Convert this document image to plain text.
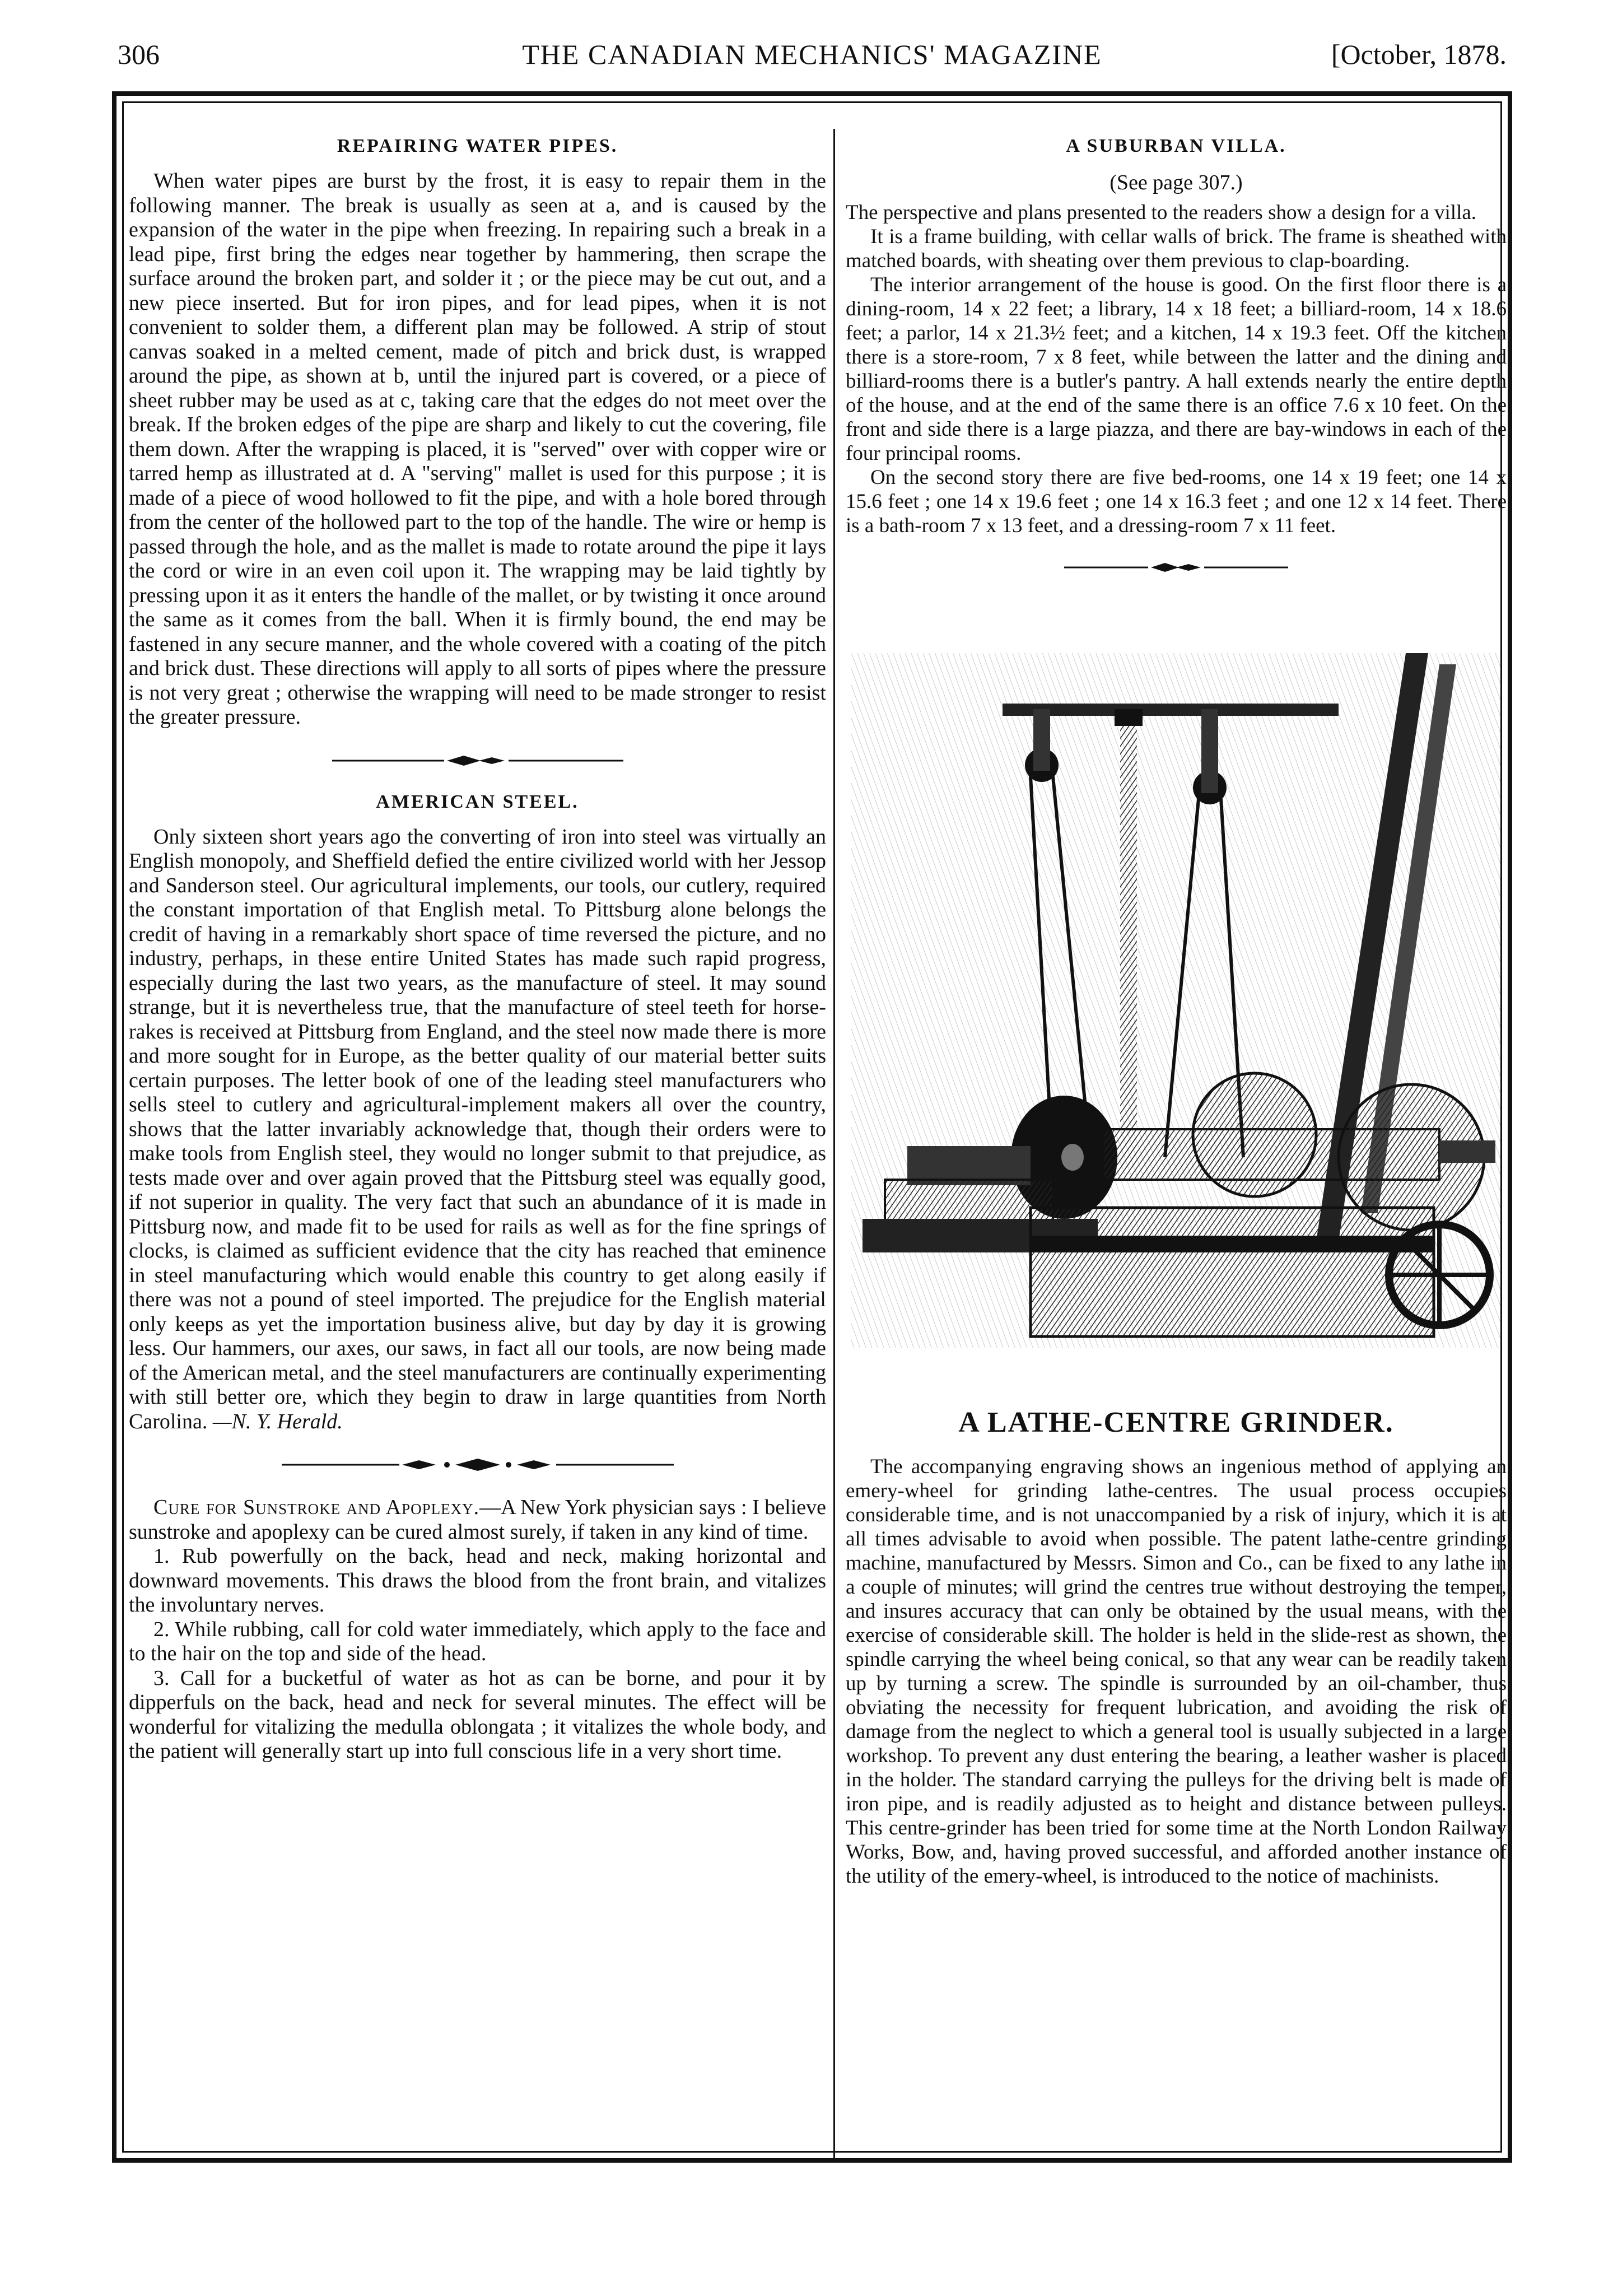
306	THE CANADIAN MECHANICS' MAGAZINE	[October, 1878.
REPAIRING WATER PIPES.

When water pipes are burst by the frost, it is easy to repair them in the following manner. The break is usually as seen at a, and is caused by the expansion of the water in the pipe when freezing. In repairing such a break in a lead pipe, first bring the edges near together by hammering, then scrape the surface around the broken part, and solder it ; or the piece may be cut out, and a new piece inserted. But for iron pipes, and for lead pipes, when it is not convenient to solder them, a different plan may be followed. A strip of stout canvas soaked in a melted cement, made of pitch and brick dust, is wrapped around the pipe, as shown at b, until the injured part is covered, or a piece of sheet rubber may be used as at c, taking care that the edges do not meet over the break. If the broken edges of the pipe are sharp and likely to cut the covering, file them down. After the wrapping is placed, it is "served" over with copper wire or tarred hemp as illustrated at d. A "serving" mallet is used for this purpose ; it is made of a piece of wood hollowed to fit the pipe, and with a hole bored through from the center of the hollowed part to the top of the handle. The wire or hemp is passed through the hole, and as the mallet is made to rotate around the pipe it lays the cord or wire in an even coil upon it. The wrapping may be laid tightly by pressing upon it as it enters the handle of the mallet, or by twisting it once around the same as it comes from the ball. When it is firmly bound, the end may be fastened in any secure manner, and the whole covered with a coating of the pitch and brick dust. These directions will apply to all sorts of pipes where the pressure is not very great ; otherwise the wrapping will need to be made stronger to resist the greater pressure.

AMERICAN STEEL.

Only sixteen short years ago the converting of iron into steel was virtually an English monopoly, and Sheffield defied the entire civilized world with her Jessop and Sanderson steel. Our agricultural implements, our tools, our cutlery, required the constant importation of that English metal. To Pittsburg alone belongs the credit of having in a remarkably short space of time reversed the picture, and no industry, perhaps, in these entire United States has made such rapid progress, especially during the last two years, as the manufacture of steel. It may sound strange, but it is nevertheless true, that the manufacture of steel teeth for horse-rakes is received at Pittsburg from England, and the steel now made there is more and more sought for in Europe, as the better quality of our material better suits certain purposes. The letter book of one of the leading steel manufacturers who sells steel to cutlery and agricultural-implement makers all over the country, shows that the latter invariably acknowledge that, though their orders were to make tools from English steel, they would no longer submit to that prejudice, as tests made over and over again proved that the Pittsburg steel was equally good, if not superior in quality. The very fact that such an abundance of it is made in Pittsburg now, and made fit to be used for rails as well as for the fine springs of clocks, is claimed as sufficient evidence that the city has reached that eminence in steel manufacturing which would enable this country to get along easily if there was not a pound of steel imported. The prejudice for the English material only keeps as yet the importation business alive, but day by day it is growing less. Our hammers, our axes, our saws, in fact all our tools, are now being made of the American metal, and the steel manufacturers are continually experimenting with still better ore, which they begin to draw in large quantities from North Carolina. —N. Y. Herald.

Cure for Sunstroke and Apoplexy.—A New York physician says : I believe sunstroke and apoplexy can be cured almost surely, if taken in any kind of time.

1. Rub powerfully on the back, head and neck, making horizontal and downward movements. This draws the blood from the front brain, and vitalizes the involuntary nerves.

2. While rubbing, call for cold water immediately, which apply to the face and to the hair on the top and side of the head.

3. Call for a bucketful of water as hot as can be borne, and pour it by dipperfuls on the back, head and neck for several minutes. The effect will be wonderful for vitalizing the medulla oblongata ; it vitalizes the whole body, and the patient will generally start up into full conscious life in a very short time.

A SUBURBAN VILLA.
(See page 307.)

The perspective and plans presented to the readers show a design for a villa.

It is a frame building, with cellar walls of brick. The frame is sheathed with matched boards, with sheating over them previous to clap-boarding.

The interior arrangement of the house is good. On the first floor there is a dining-room, 14 x 22 feet; a library, 14 x 18 feet; a billiard-room, 14 x 18.6 feet; a parlor, 14 x 21.3½ feet; and a kitchen, 14 x 19.3 feet. Off the kitchen there is a store-room, 7 x 8 feet, while between the latter and the dining and billiard-rooms there is a butler's pantry. A hall extends nearly the entire depth of the house, and at the end of the same there is an office 7.6 x 10 feet. On the front and side there is a large piazza, and there are bay-windows in each of the four principal rooms.

On the second story there are five bed-rooms, one 14 x 19 feet; one 14 x 15.6 feet ; one 14 x 19.6 feet ; one 14 x 16.3 feet ; and one 12 x 14 feet. There is a bath-room 7 x 13 feet, and a dressing-room 7 x 11 feet.

A LATHE-CENTRE GRINDER.

The accompanying engraving shows an ingenious method of applying an emery-wheel for grinding lathe-centres. The usual process occupies considerable time, and is not unaccompanied by a risk of injury, which it is at all times advisable to avoid when possible. The patent lathe-centre grinding machine, manufactured by Messrs. Simon and Co., can be fixed to any lathe in a couple of minutes; will grind the centres true without destroying the temper, and insures accuracy that can only be obtained by the usual means, with the exercise of considerable skill. The holder is held in the slide-rest as shown, the spindle carrying the wheel being conical, so that any wear can be readily taken up by turning a screw. The spindle is surrounded by an oil-chamber, thus obviating the necessity for frequent lubrication, and avoiding the risk of damage from the neglect to which a general tool is usually subjected in a large workshop. To prevent any dust entering the bearing, a leather washer is placed in the holder. The standard carrying the pulleys for the driving belt is made of iron pipe, and is readily adjusted as to height and distance between pulleys. This centre-grinder has been tried for some time at the North London Railway Works, Bow, and, having proved successful, and afforded another instance of the utility of the emery-wheel, is introduced to the notice of machinists.
